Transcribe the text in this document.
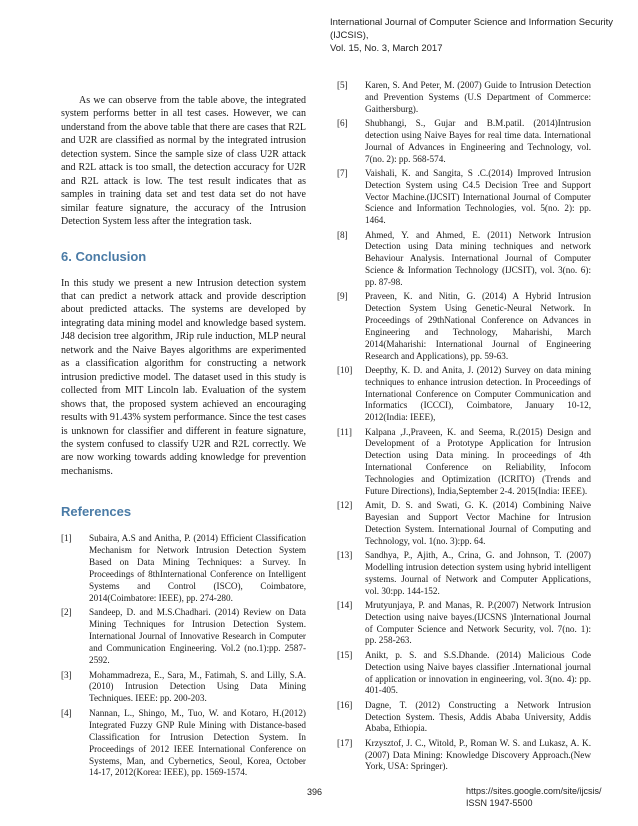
International Journal of Computer Science and Information Security (IJCSIS),
Vol. 15, No. 3, March 2017

As we can observe from the table above, the integrated system performs better in all test cases. However, we can understand from the above table that there are cases that R2L and U2R are classified as normal by the integrated intrusion detection system. Since the sample size of class U2R attack and R2L attack is too small, the detection accuracy for U2R and R2L attack is low. The test result indicates that as samples in training data set and test data set do not have similar feature signature, the accuracy of the Intrusion Detection System less after the integration task.

6. Conclusion

In this study we present a new Intrusion detection system that can predict a network attack and provide description about predicted attacks. The systems are developed by integrating data mining model and knowledge based system. J48 decision tree algorithm, JRip rule induction, MLP neural network and the Naive Bayes algorithms are experimented as a classification algorithm for constructing a network intrusion predictive model. The dataset used in this study is collected from MIT Lincoln lab. Evaluation of the system shows that, the proposed system achieved an encouraging results with 91.43% system performance. Since the test cases is unknown for classifier and different in feature signature, the system confused to classify U2R and R2L correctly. We are now working towards adding knowledge for prevention mechanisms.

References
[1]	Subaira, A.S and Anitha, P. (2014) Efficient Classification Mechanism for Network Intrusion Detection System Based on Data Mining Techniques: a Survey. In Proceedings of 8thInternational Conference on Intelligent Systems and Control (ISCO), Coimbatore, 2014(Coimbatore: IEEE), pp. 274-280.
[2]	Sandeep, D. and M.S.Chadhari. (2014) Review on Data Mining Techniques for Intrusion Detection System. International Journal of Innovative Research in Computer and Communication Engineering. Vol.2 (no.1):pp. 2587-2592.
[3]	Mohammadreza, E., Sara, M., Fatimah, S. and Lilly, S.A. (2010) Intrusion Detection Using Data Mining Techniques. IEEE: pp. 200-203.
[4]	Nannan, L., Shingo, M., Tuo, W. and Kotaro, H.(2012) Integrated Fuzzy GNP Rule Mining with Distance-based Classification for Intrusion Detection System. In Proceedings of 2012 IEEE International Conference on Systems, Man, and Cybernetics, Seoul, Korea, October 14-17, 2012(Korea: IEEE), pp. 1569-1574.
[5]	Karen, S. And Peter, M. (2007) Guide to Intrusion Detection and Prevention Systems (U.S Department of Commerce: Gaithersburg).
[6]	Shubhangi, S., Gujar and B.M.patil. (2014)Intrusion detection using Naive Bayes for real time data. International Journal of Advances in Engineering and Technology, vol. 7(no. 2): pp. 568-574.
[7]	Vaishali, K. and Sangita, S .C.(2014) Improved Intrusion Detection System using C4.5 Decision Tree and Support Vector Machine.(IJCSIT) International Journal of Computer Science and Information Technologies, vol. 5(no. 2): pp. 1464.
[8]	Ahmed, Y. and Ahmed, E. (2011) Network Intrusion Detection using Data mining techniques and network Behaviour Analysis. International Journal of Computer Science & Information Technology (IJCSIT), vol. 3(no. 6): pp. 87-98.
[9]	Praveen, K. and Nitin, G. (2014) A Hybrid Intrusion Detection System Using Genetic-Neural Network. In Proceedings of 29thNational Conference on Advances in Engineering and Technology, Maharishi, March 2014(Maharishi: International Journal of Engineering Research and Applications), pp. 59-63.
[10]	Deepthy, K. D. and Anita, J. (2012) Survey on data mining techniques to enhance intrusion detection. In Proceedings of International Conference on Computer Communication and Informatics (ICCCI), Coimbatore, January 10-12, 2012(India: IEEE),
[11]	Kalpana ,J.,Praveen, K. and Seema, R.(2015) Design and Development of a Prototype Application for Intrusion Detection using Data mining. In proceedings of 4th International Conference on Reliability, Infocom Technologies and Optimization (ICRITO) (Trends and Future Directions), India,September 2-4. 2015(India: IEEE).
[12]	Amit, D. S. and Swati, G. K. (2014) Combining Naive Bayesian and Support Vector Machine for Intrusion Detection System. International Journal of Computing and Technology, vol. 1(no. 3):pp. 64.
[13]	Sandhya, P., Ajith, A., Crina, G. and Johnson, T. (2007) Modelling intrusion detection system using hybrid intelligent systems. Journal of Network and Computer Applications, vol. 30:pp. 144-152.
[14]	Mrutyunjaya, P. and Manas, R. P.(2007) Network Intrusion Detection using naive bayes.(IJCSNS )International Journal of Computer Science and Network Security, vol. 7(no. 1): pp. 258-263.
[15]	Anikt, p. S. and S.S.Dhande. (2014) Malicious Code Detection using Naive bayes classifier .International journal of application or innovation in engineering, vol. 3(no. 4): pp. 401-405.
[16]	Dagne, T. (2012) Constructing a Network Intrusion Detection System. Thesis, Addis Ababa University, Addis Ababa, Ethiopia.
[17]	Krzysztof, J. C., Witold, P., Roman W. S. and Lukasz, A. K. (2007) Data Mining: Knowledge Discovery Approach.(New York, USA: Springer).
396	https://sites.google.com/site/ijcsis/
ISSN 1947-5500
